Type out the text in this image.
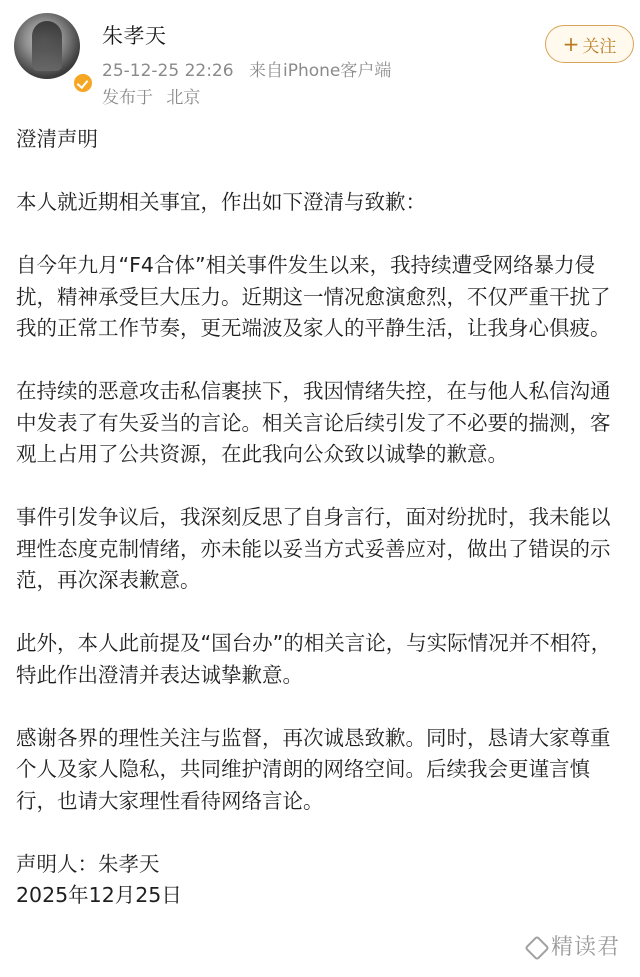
朱孝天
25-12-25 22:26 来自iPhone客户端
发布于 北京
+ 关注

澄清声明

本人就近期相关事宜，作出如下澄清与致歉：

自今年九月“F4合体”相关事件发生以来，我持续遭受网络暴力侵扰，精神承受巨大压力。近期这一情况愈演愈烈，不仅严重干扰了我的正常工作节奏，更无端波及家人的平静生活，让我身心俱疲。

在持续的恶意攻击私信裹挟下，我因情绪失控，在与他人私信沟通中发表了有失妥当的言论。相关言论后续引发了不必要的揣测，客观上占用了公共资源，在此我向公众致以诚挚的歉意。

事件引发争议后，我深刻反思了自身言行，面对纷扰时，我未能以理性态度克制情绪，亦未能以妥当方式妥善应对，做出了错误的示范，再次深表歉意。

此外，本人此前提及“国台办”的相关言论，与实际情况并不相符，特此作出澄清并表达诚挚歉意。

感谢各界的理性关注与监督，再次诚恳致歉。同时，恳请大家尊重个人及家人隐私，共同维护清朗的网络空间。后续我会更谨言慎行，也请大家理性看待网络言论。

声明人：朱孝天

2025年12月25日

精读君
